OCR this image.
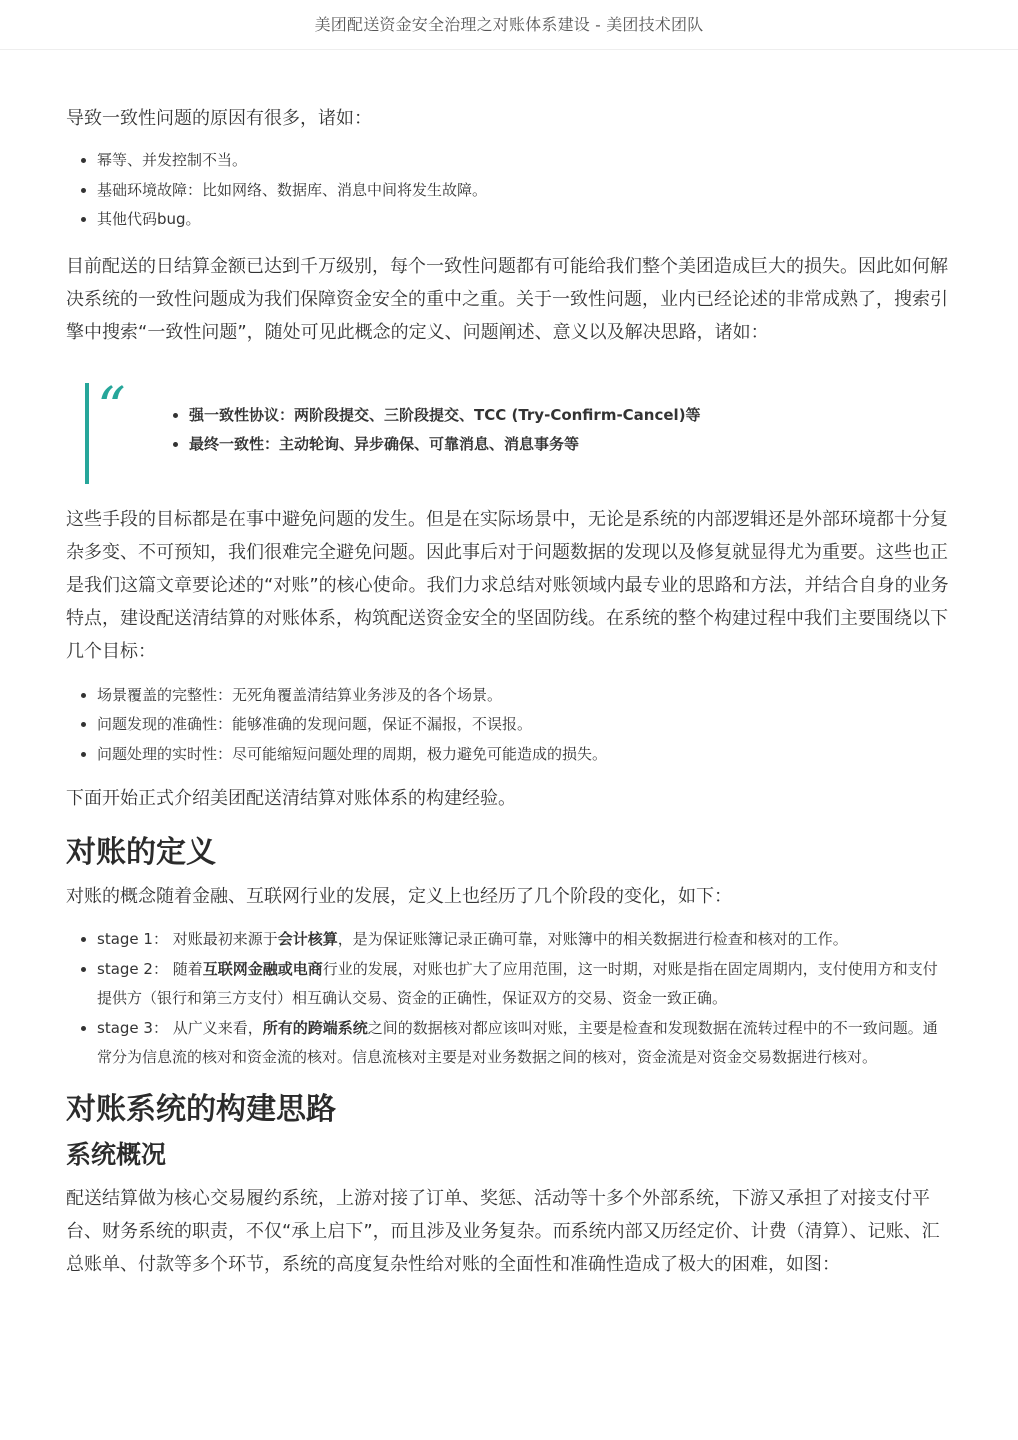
美团配送资金安全治理之对账体系建设 - 美团技术团队

导致一致性问题的原因有很多，诸如：

• 幂等、并发控制不当。
• 基础环境故障：比如网络、数据库、消息中间将发生故障。
• 其他代码bug。

目前配送的日结算金额已达到千万级别，每个一致性问题都有可能给我们整个美团造成巨大的损失。因此如何解决系统的一致性问题成为我们保障资金安全的重中之重。关于一致性问题，业内已经论述的非常成熟了，搜索引擎中搜索“一致性问题”，随处可见此概念的定义、问题阐述、意义以及解决思路，诸如：

“
•	强一致性协议：两阶段提交、三阶段提交、TCC (Try-Confirm-Cancel)等
• 最终一致性：主动轮询、异步确保、可靠消息、消息事务等

这些手段的目标都是在事中避免问题的发生。但是在实际场景中，无论是系统的内部逻辑还是外部环境都十分复杂多变、不可预知，我们很难完全避免问题。因此事后对于问题数据的发现以及修复就显得尤为重要。这些也正是我们这篇文章要论述的“对账”的核心使命。我们力求总结对账领域内最专业的思路和方法，并结合自身的业务特点，建设配送清结算的对账体系，构筑配送资金安全的坚固防线。在系统的整个构建过程中我们主要围绕以下几个目标：

• 场景覆盖的完整性：无死角覆盖清结算业务涉及的各个场景。
• 问题发现的准确性：能够准确的发现问题，保证不漏报，不误报。
• 问题处理的实时性：尽可能缩短问题处理的周期，极力避免可能造成的损失。

下面开始正式介绍美团配送清结算对账体系的构建经验。

对账的定义

对账的概念随着金融、互联网行业的发展，定义上也经历了几个阶段的变化，如下：

• stage 1： 对账最初来源于会计核算，是为保证账簿记录正确可靠，对账簿中的相关数据进行检查和核对的工作。
• stage 2： 随着互联网金融或电商行业的发展，对账也扩大了应用范围，这一时期，对账是指在固定周期内，支付使用方和支付提供方（银行和第三方支付）相互确认交易、资金的正确性，保证双方的交易、资金一致正确。
• stage 3： 从广义来看，所有的跨端系统之间的数据核对都应该叫对账，主要是检查和发现数据在流转过程中的不一致问题。通常分为信息流的核对和资金流的核对。信息流核对主要是对业务数据之间的核对，资金流是对资金交易数据进行核对。
对账系统的构建思路
系统概况

配送结算做为核心交易履约系统，上游对接了订单、奖惩、活动等十多个外部系统，下游又承担了对接支付平台、财务系统的职责，不仅“承上启下”，而且涉及业务复杂。而系统内部又历经定价、计费（清算）、记账、汇总账单、付款等多个环节，系统的高度复杂性给对账的全面性和准确性造成了极大的困难，如图：
